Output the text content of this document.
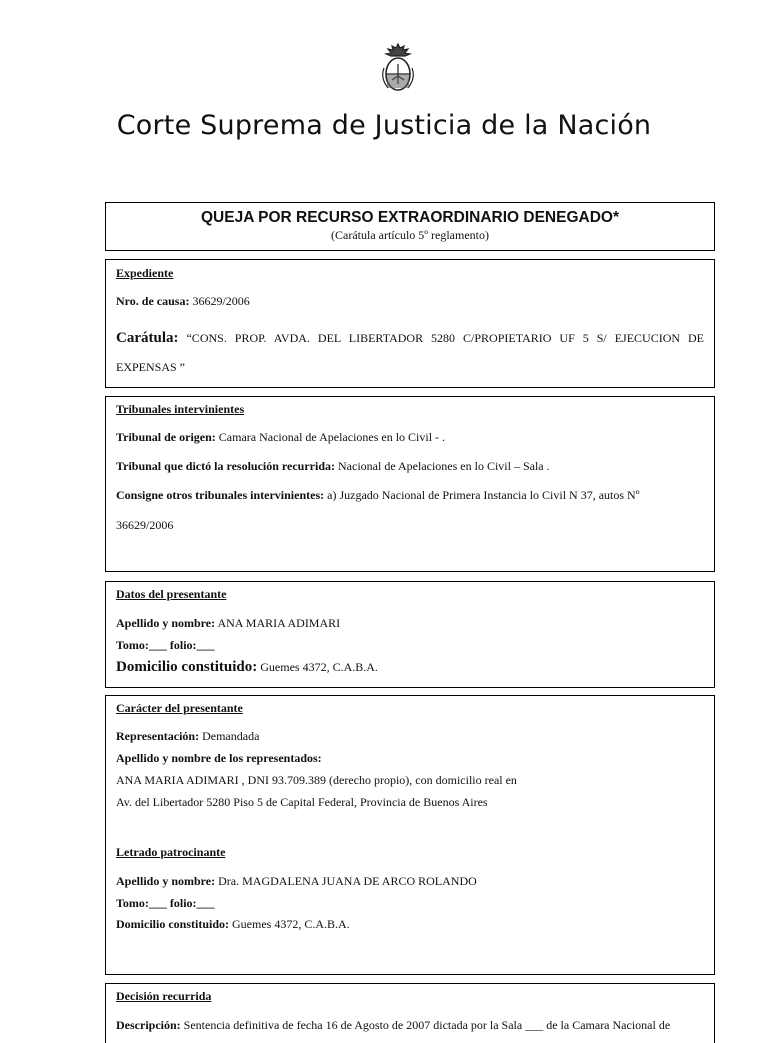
Corte Suprema de Justicia de la Nación
QUEJA POR RECURSO EXTRAORDINARIO DENEGADO*
(Carátula artículo 5º reglamento)
Expediente
Nro. de causa: 36629/2006
Carátula: “CONS. PROP. AVDA. DEL LIBERTADOR 5280 C/PROPIETARIO UF 5 S/ EJECUCION DE
EXPENSAS ”
Tribunales intervinientes
Tribunal de origen: Camara Nacional de Apelaciones en lo Civil - .
Tribunal que dictó la resolución recurrida: Nacional de Apelaciones en lo Civil – Sala .
Consigne otros tribunales intervinientes: a) Juzgado Nacional de Primera Instancia lo Civil N 37, autos Nº
36629/2006
Datos del presentante
Apellido y nombre: ANA MARIA ADIMARI
Tomo:___ folio:___
Domicilio constituido: Guemes 4372, C.A.B.A.
Carácter del presentante
Representación: Demandada
Apellido y nombre de los representados:
ANA MARIA ADIMARI , DNI 93.709.389 (derecho propio), con domicilio real en
Av. del Libertador 5280 Piso 5 de Capital Federal, Provincia de Buenos Aires
Letrado patrocinante
Apellido y nombre: Dra. MAGDALENA JUANA DE ARCO ROLANDO
Tomo:___ folio:___
Domicilio constituido: Guemes 4372, C.A.B.A.
Decisión recurrida
Descripción: Sentencia definitiva de fecha 16 de Agosto de 2007 dictada por la Sala ___ de la Camara Nacional de
